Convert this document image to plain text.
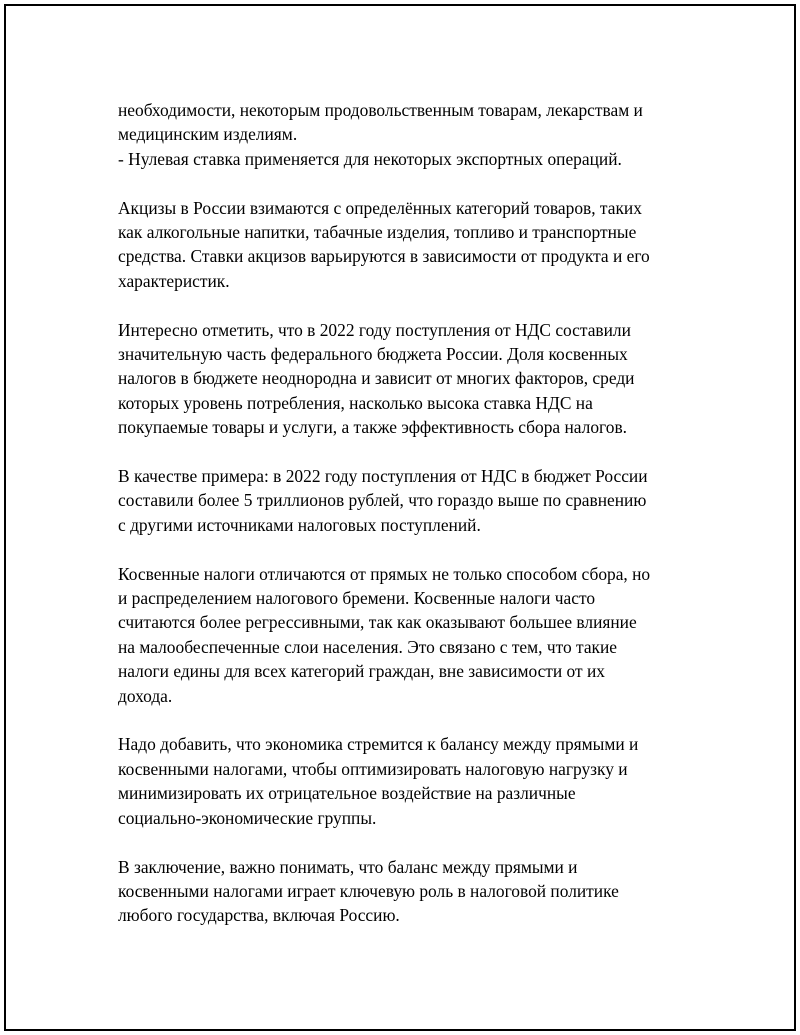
необходимости, некоторым продовольственным товарам, лекарствам и
медицинским изделиям.
- Нулевая ставка применяется для некоторых экспортных операций.

Акцизы в России взимаются с определённых категорий товаров, таких
как алкогольные напитки, табачные изделия, топливо и транспортные
средства. Ставки акцизов варьируются в зависимости от продукта и его
характеристик.

Интересно отметить, что в 2022 году поступления от НДС составили
значительную часть федерального бюджета России. Доля косвенных
налогов в бюджете неоднородна и зависит от многих факторов, среди
которых уровень потребления, насколько высока ставка НДС на
покупаемые товары и услуги, а также эффективность сбора налогов.

В качестве примера: в 2022 году поступления от НДС в бюджет России
составили более 5 триллионов рублей, что гораздо выше по сравнению
с другими источниками налоговых поступлений.

Косвенные налоги отличаются от прямых не только способом сбора, но
и распределением налогового бремени. Косвенные налоги часто
считаются более регрессивными, так как оказывают большее влияние
на малообеспеченные слои населения. Это связано с тем, что такие
налоги едины для всех категорий граждан, вне зависимости от их
дохода.

Надо добавить, что экономика стремится к балансу между прямыми и
косвенными налогами, чтобы оптимизировать налоговую нагрузку и
минимизировать их отрицательное воздействие на различные
социально-экономические группы.

В заключение, важно понимать, что баланс между прямыми и
косвенными налогами играет ключевую роль в налоговой политике
любого государства, включая Россию.
